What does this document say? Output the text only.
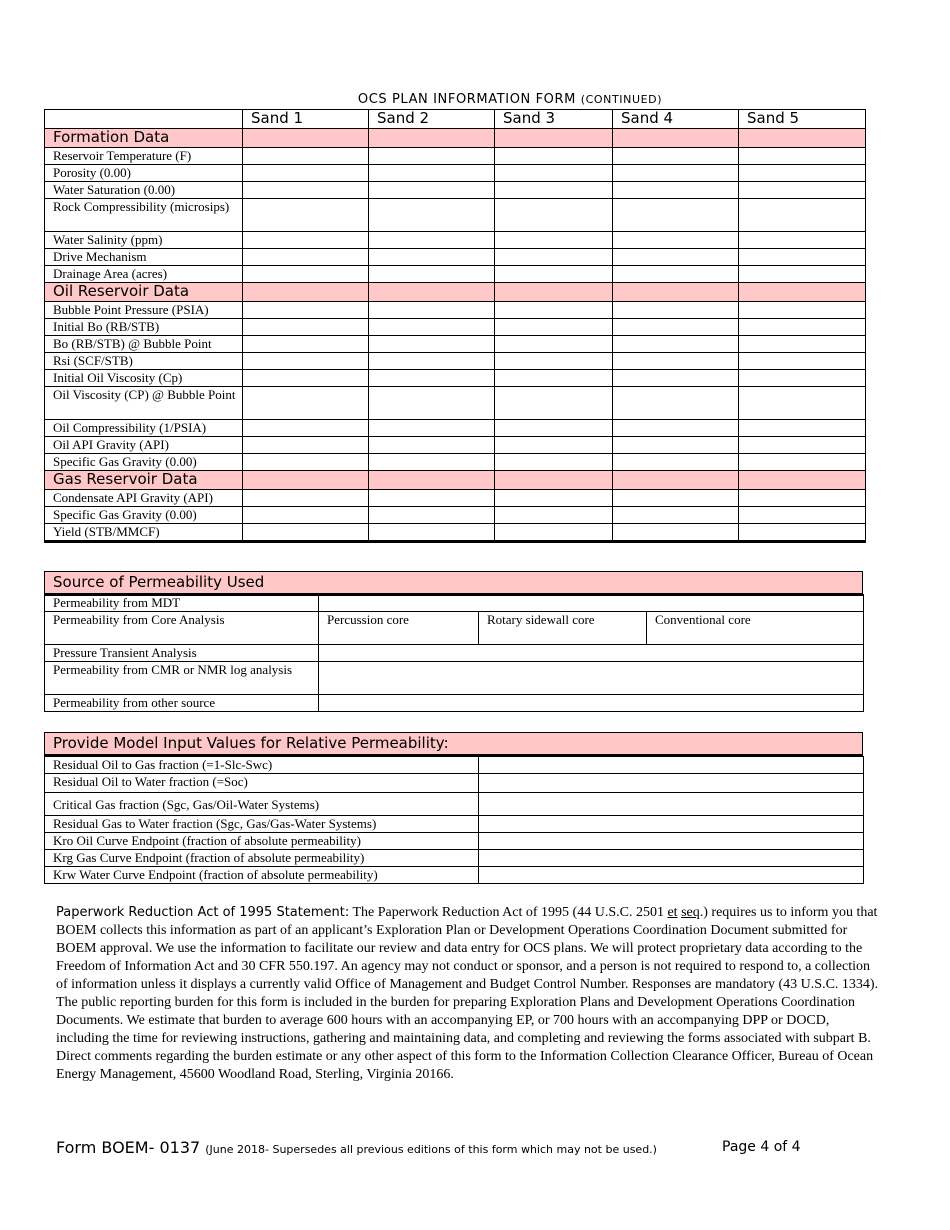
OCS PLAN INFORMATION FORM (CONTINUED)
	Sand 1	Sand 2	Sand 3	Sand 4	Sand 5
Formation Data					
Reservoir Temperature (F)					
Porosity (0.00)					
Water Saturation (0.00)					
Rock Compressibility (microsips)					
Water Salinity (ppm)					
Drive Mechanism					
Drainage Area (acres)					
Oil Reservoir Data					
Bubble Point Pressure (PSIA)					
Initial Bo (RB/STB)					
Bo (RB/STB) @ Bubble Point					
Rsi (SCF/STB)					
Initial Oil Viscosity (Cp)					
Oil Viscosity (CP) @ Bubble Point					
Oil Compressibility (1/PSIA)					
Oil API Gravity (API)					
Specific Gas Gravity (0.00)					
Gas Reservoir Data					
Condensate API Gravity (API)					
Specific Gas Gravity (0.00)					
Yield (STB/MMCF)					
Source of Permeability Used
Permeability from MDT			
Permeability from Core Analysis	Percussion core	Rotary sidewall core	Conventional core
Pressure Transient Analysis			
Permeability from CMR or NMR log analysis			
Permeability from other source			
Provide Model Input Values for Relative Permeability:
Residual Oil to Gas fraction (=1-Slc-Swc)	
Residual Oil to Water fraction (=Soc)	
Critical Gas fraction (Sgc, Gas/Oil-Water Systems)	
Residual Gas to Water fraction (Sgc, Gas/Gas-Water Systems)	
Kro Oil Curve Endpoint (fraction of absolute permeability)	
Krg Gas Curve Endpoint (fraction of absolute permeability)	
Krw Water Curve Endpoint (fraction of absolute permeability)	
Paperwork Reduction Act of 1995 Statement: The Paperwork Reduction Act of 1995 (44 U.S.C. 2501 et seq.) requires us to inform you that BOEM collects this information as part of an applicant’s Exploration Plan or Development Operations Coordination Document submitted for BOEM approval. We use the information to facilitate our review and data entry for OCS plans. We will protect proprietary data according to the Freedom of Information Act and 30 CFR 550.197. An agency may not conduct or sponsor, and a person is not required to respond to, a collection of information unless it displays a currently valid Office of Management and Budget Control Number. Responses are mandatory (43 U.S.C. 1334). The public reporting burden for this form is included in the burden for preparing Exploration Plans and Development Operations Coordination Documents. We estimate that burden to average 600 hours with an accompanying EP, or 700 hours with an accompanying DPP or DOCD, including the time for reviewing instructions, gathering and maintaining data, and completing and reviewing the forms associated with subpart B. Direct comments regarding the burden estimate or any other aspect of this form to the Information Collection Clearance Officer, Bureau of Ocean Energy Management, 45600 Woodland Road, Sterling, Virginia 20166.
Form BOEM- 0137 (June 2018- Supersedes all previous editions of this form which may not be used.)	Page 4 of 4
